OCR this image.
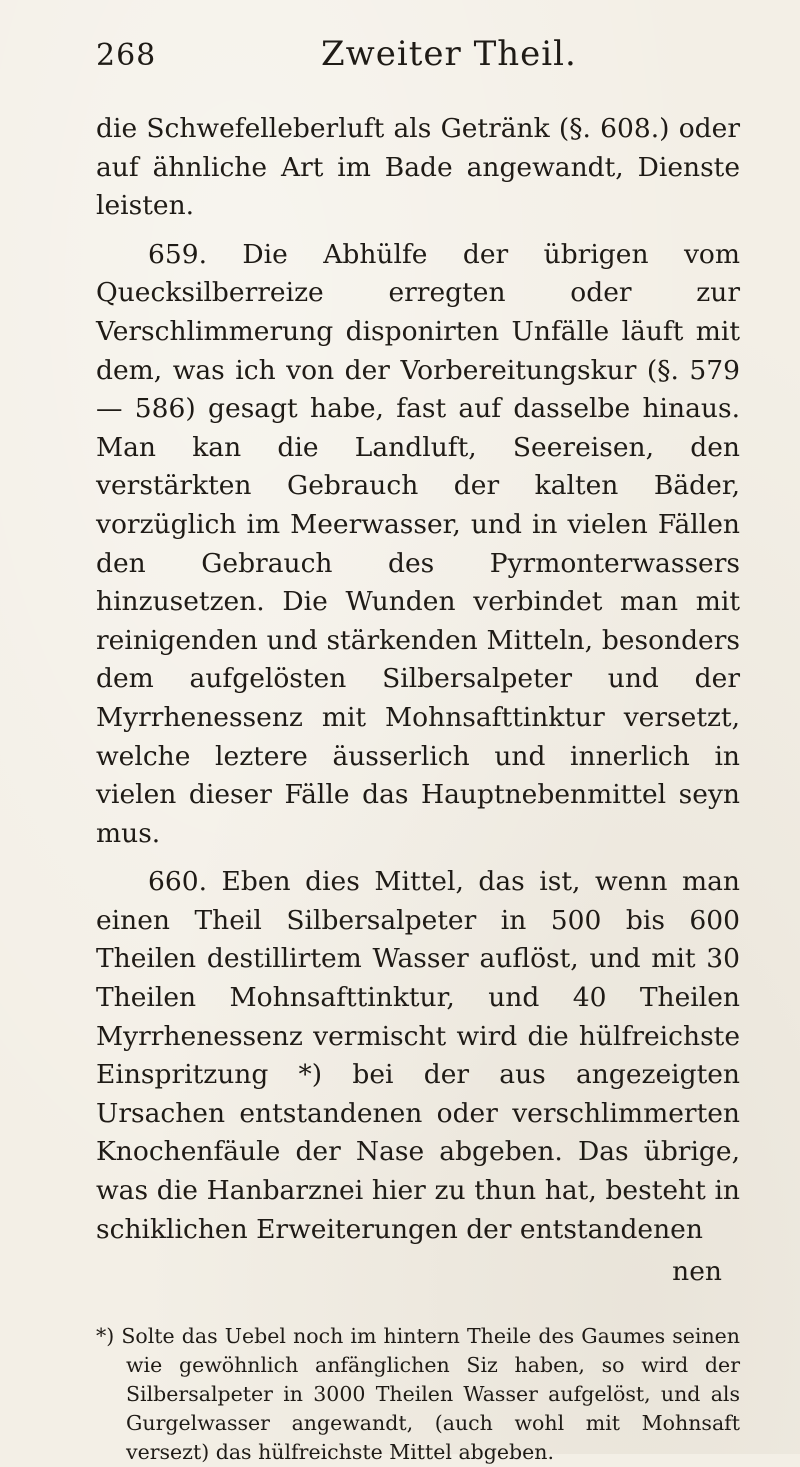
268	Zweiter Theil.

die Schwefelleberluft als Getränk (§. 608.) oder auf ähnliche Art im Bade angewandt, Dienste leisten.

659. Die Abhülfe der übrigen vom Quecksilberreize erregten oder zur Verschlimmerung disponirten Unfälle läuft mit dem, was ich von der Vorbereitungskur (§. 579 — 586) gesagt habe, fast auf dasselbe hinaus. Man kan die Landluft, Seereisen, den verstärkten Gebrauch der kalten Bäder, vorzüglich im Meerwasser, und in vielen Fällen den Gebrauch des Pyrmonterwassers hinzusetzen. Die Wunden verbindet man mit reinigenden und stärkenden Mitteln, besonders dem aufgelösten Silbersalpeter und der Myrrhenessenz mit Mohnsafttinktur versetzt, welche leztere äusserlich und innerlich in vielen dieser Fälle das Hauptnebenmittel seyn mus.

660. Eben dies Mittel, das ist, wenn man einen Theil Silbersalpeter in 500 bis 600 Theilen destillirtem Wasser auflöst, und mit 30 Theilen Mohnsafttinktur, und 40 Theilen Myrrhenessenz vermischt wird die hülfreichste Einspritzung *) bei der aus angezeigten Ursachen entstandenen oder verschlimmerten Knochenfäule der Nase abgeben. Das übrige, was die Hanbarznei hier zu thun hat, besteht in schiklichen Erweiterungen der entstandenen

nen
*) Solte das Uebel noch im hintern Theile des Gaumes seinen wie gewöhnlich anfänglichen Siz haben, so wird der Silbersalpeter in 3000 Theilen Wasser aufgelöst, und als Gurgelwasser angewandt, (auch wohl mit Mohnsaft versezt) das hülfreichste Mittel abgeben.
